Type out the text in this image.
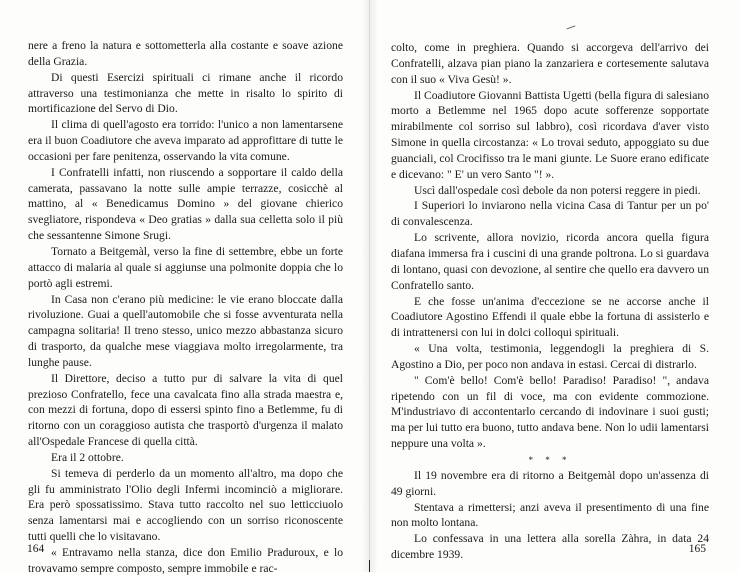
nere a freno la natura e sottometterla alla costante e soave azione della Grazia.

Di questi Esercizi spirituali ci rimane anche il ricordo attraverso una testimonianza che mette in risalto lo spirito di mortificazione del Servo di Dio.

Il clima di quell'agosto era torrido: l'unico a non lamentarsene era il buon Coadiutore che aveva imparato ad approfittare di tutte le occasioni per fare penitenza, osservando la vita comune.

I Confratelli infatti, non riuscendo a sopportare il caldo della camerata, passavano la notte sulle ampie terrazze, cosicchè al mattino, al « Benedicamus Domino » del giovane chierico svegliatore, rispondeva « Deo gratias » dalla sua celletta solo il più che sessantenne Simone Srugi.

Tornato a Beitgemàl, verso la fine di settembre, ebbe un forte attacco di malaria al quale si aggiunse una polmonite doppia che lo portò agli estremi.

In Casa non c'erano più medicine: le vie erano bloccate dalla rivoluzione. Guai a quell'automobile che si fosse avventurata nella campagna solitaria! Il treno stesso, unico mezzo abbastanza sicuro di trasporto, da qualche mese viaggiava molto irregolarmente, tra lunghe pause.

Il Direttore, deciso a tutto pur di salvare la vita di quel prezioso Confratello, fece una cavalcata fino alla strada maestra e, con mezzi di fortuna, dopo di essersi spinto fino a Betlemme, fu di ritorno con un coraggioso autista che trasportò d'urgenza il malato all'Ospedale Francese di quella città.

Era il 2 ottobre.

Si temeva di perderlo da un momento all'altro, ma dopo che gli fu amministrato l'Olio degli Infermi incominciò a migliorare. Era però spossatissimo. Stava tutto raccolto nel suo letticciuolo senza lamentarsi mai e accogliendo con un sorriso riconoscente tutti quelli che lo visitavano.

« Entravamo nella stanza, dice don Emilio Praduroux, e lo trovavamo sempre composto, sempre immobile e rac-

164

colto, come in preghiera. Quando si accorgeva dell'arrivo dei Confratelli, alzava pian piano la zanzariera e cortesemente salutava con il suo « Viva Gesù! ».

Il Coadiutore Giovanni Battista Ugetti (bella figura di salesiano morto a Betlemme nel 1965 dopo acute sofferenze sopportate mirabilmente col sorriso sul labbro), così ricordava d'aver visto Simone in quella circostanza: « Lo trovai seduto, appoggiato su due guanciali, col Crocifisso tra le mani giunte. Le Suore erano edificate e dicevano: " E' un vero Santo "! ».

Uscì dall'ospedale così debole da non potersi reggere in piedi.

I Superiori lo inviarono nella vicina Casa di Tantur per un po' di convalescenza.

Lo scrivente, allora novizio, ricorda ancora quella figura diafana immersa fra i cuscini di una grande poltrona. Lo si guardava di lontano, quasi con devozione, al sentire che quello era davvero un Confratello santo.

E che fosse un'anima d'eccezione se ne accorse anche il Coadiutore Agostino Effendi il quale ebbe la fortuna di assisterlo e di intrattenersi con lui in dolci colloqui spirituali.

« Una volta, testimonia, leggendogli la preghiera di S. Agostino a Dio, per poco non andava in estasi. Cercai di distrarlo.

" Com'è bello! Com'è bello! Paradiso! Paradiso! ", andava ripetendo con un fil di voce, ma con evidente commozione. M'industriavo di accontentarlo cercando di indovinare i suoi gusti; ma per lui tutto era buono, tutto andava bene. Non lo udii lamentarsi neppure una volta ».

* * *

Il 19 novembre era di ritorno a Beitgemàl dopo un'assenza di 49 giorni.

Stentava a rimettersi; anzi aveva il presentimento di una fine non molto lontana.

Lo confessava in una lettera alla sorella Zàhra, in data 24 dicembre 1939.	165
